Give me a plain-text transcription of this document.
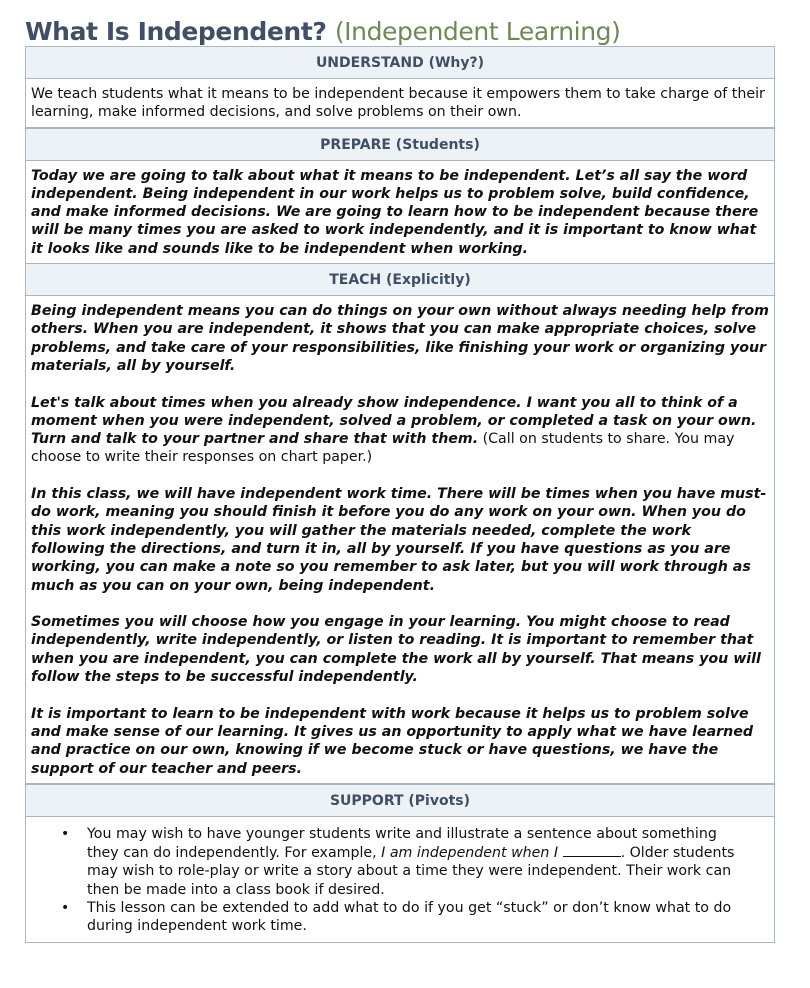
What Is Independent? (Independent Learning)
UNDERSTAND (Why?)

We teach students what it means to be independent because it empowers them to take charge of their learning, make informed decisions, and solve problems on their own.

PREPARE (Students)

Today we are going to talk about what it means to be independent. Let’s all say the word independent. Being independent in our work helps us to problem solve, build confidence, and make informed decisions. We are going to learn how to be independent because there will be many times you are asked to work independently, and it is important to know what it looks like and sounds like to be independent when working.

TEACH (Explicitly)

Being independent means you can do things on your own without always needing help from others. When you are independent, it shows that you can make appropriate choices, solve problems, and take care of your responsibilities, like finishing your work or organizing your materials, all by yourself.

Let's talk about times when you already show independence. I want you all to think of a moment when you were independent, solved a problem, or completed a task on your own. Turn and talk to your partner and share that with them. (Call on students to share. You may choose to write their responses on chart paper.)

In this class, we will have independent work time. There will be times when you have must-do work, meaning you should finish it before you do any work on your own. When you do this work independently, you will gather the materials needed, complete the work following the directions, and turn it in, all by yourself. If you have questions as you are working, you can make a note so you remember to ask later, but you will work through as much as you can on your own, being independent.

Sometimes you will choose how you engage in your learning. You might choose to read independently, write independently, or listen to reading. It is important to remember that when you are independent, you can complete the work all by yourself. That means you will follow the steps to be successful independently.

It is important to learn to be independent with work because it helps us to problem solve and make sense of our learning. It gives us an opportunity to apply what we have learned and practice on our own, knowing if we become stuck or have questions, we have the support of our teacher and peers.

SUPPORT (Pivots)
• You may wish to have younger students write and illustrate a sentence about something they can do independently. For example, I am independent when I	. Older students may wish to role-play or write a story about a time they were independent. Their work can then be made into a class book if desired.
• This lesson can be extended to add what to do if you get “stuck” or don’t know what to do during independent work time.
